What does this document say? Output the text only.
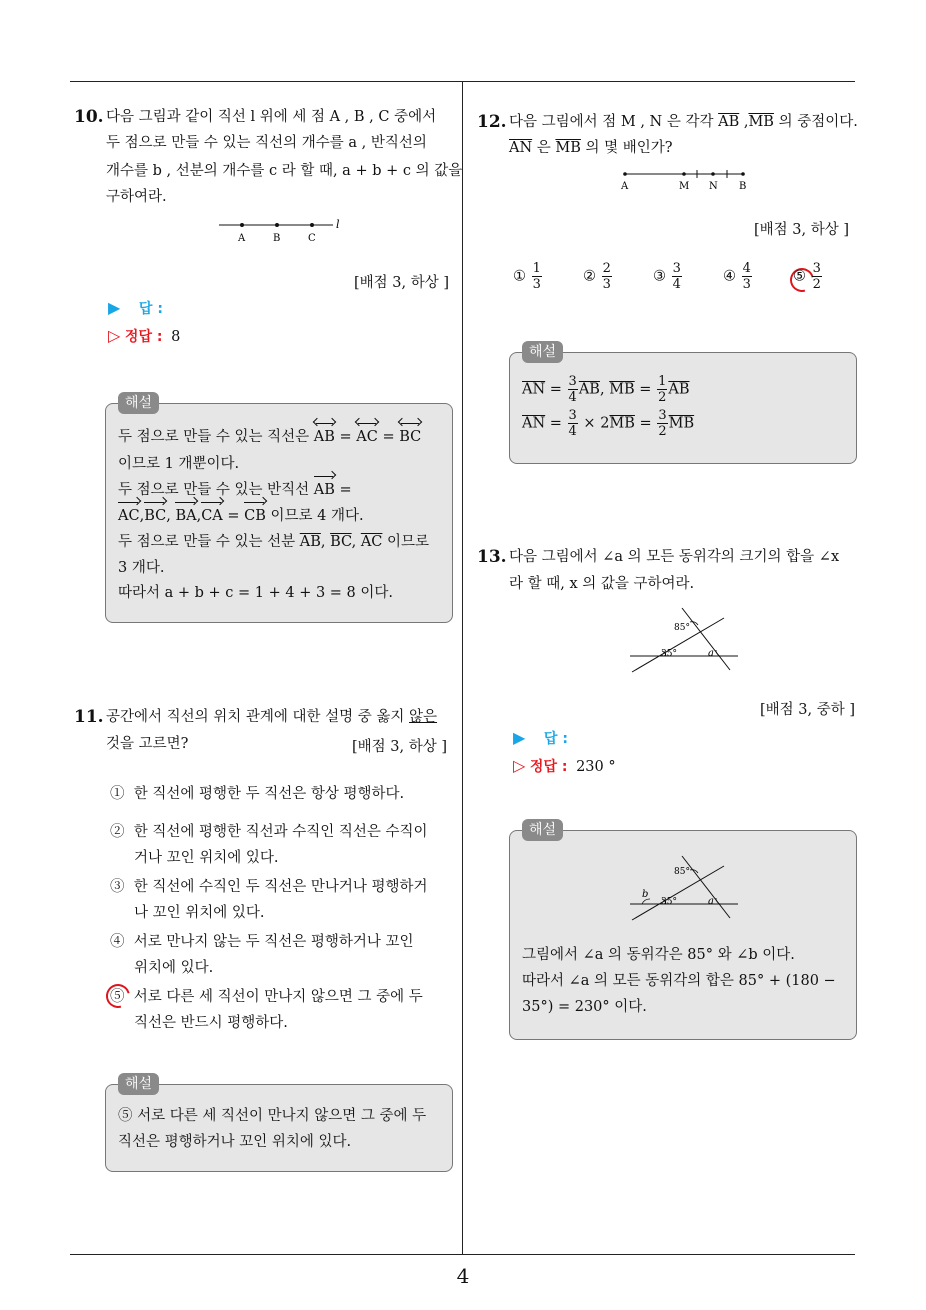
4
10. 다음 그림과 같이 직선 l 위에 세 점 A , B , C 중에서
두 점으로 만들 수 있는 직선의 개수를 a , 반직선의
개수를 b , 선분의 개수를 c 라 할 때, a + b + c 의 값을
구하여라.
A	B	C
l
[배점 3, 하상 ]
▶ 답 :
▷ 정답 : 8
해설
두 점으로 만들 수 있는 직선은
AB =
AC =
BC
이므로 1 개뿐이다.
두 점으로 만들 수 있는 반직선 AB =
AC,BC, BA,CA = CB 이므로 4 개다.
두 점으로 만들 수 있는 선분 $\overline{AB}$, $\overline{BC}$, $\overline{AC}$ 이므로
3 개다.
따라서 a + b + c = 1 + 4 + 3 = 8 이다.
11. 공간에서 직선의 위치 관계에 대한 설명 중 옳지 않은
것을 고르면?	[배점 3, 하상 ]
① 한 직선에 평행한 두 직선은 항상 평행하다.
② 한 직선에 평행한 직선과 수직인 직선은 수직이
거나 꼬인 위치에 있다.
③ 한 직선에 수직인 두 직선은 만나거나 평행하거
나 꼬인 위치에 있다.
④ 서로 만나지 않는 두 직선은 평행하거나 꼬인
위치에 있다.
⑤ 서로 다른 세 직선이 만나지 않으면 그 중에 두
직선은 반드시 평행하다.
해설
⑤ 서로 다른 세 직선이 만나지 않으면 그 중에 두
직선은 평행하거나 꼬인 위치에 있다.
12. 다음 그림에서 점 M , N 은 각각 $\overline{AB}$ $,\overline{MB}$ 의 중점이다.
$\overline{AN}$ 은 $\overline{MB}$ 의 몇 배인가?
A	M N B
[배점 3, 하상 ]
① $\frac{1}{3}$	② $\frac{2}{3}$	③ $\frac{3}{4}$	④ $\frac{4}{3}$	⑤ $\frac{3}{2}$
해설
$\overline{AN} = \frac{3}{4} \overline{AB}$, $\overline{MB} = \frac{1}{2} \overline{AB}$
$\overline{AN} = \frac{3}{4} \times 2\overline{MB} = \frac{3}{2} \overline{MB}$
13. 다음 그림에서 ∠a 의 모든 동위각의 크기의 합을 ∠x
라 할 때, x 의 값을 구하여라.
85°
35°	a
[배점 3, 중하 ]
▶ 답 :
▷ 정답 : 230 °
해설
85°
35°	a
b
그림에서 ∠a 의 동위각은 85° 와 ∠b 이다.
따라서 ∠a 의 모든 동위각의 합은 85° + (180 −
35°) = 230° 이다.
